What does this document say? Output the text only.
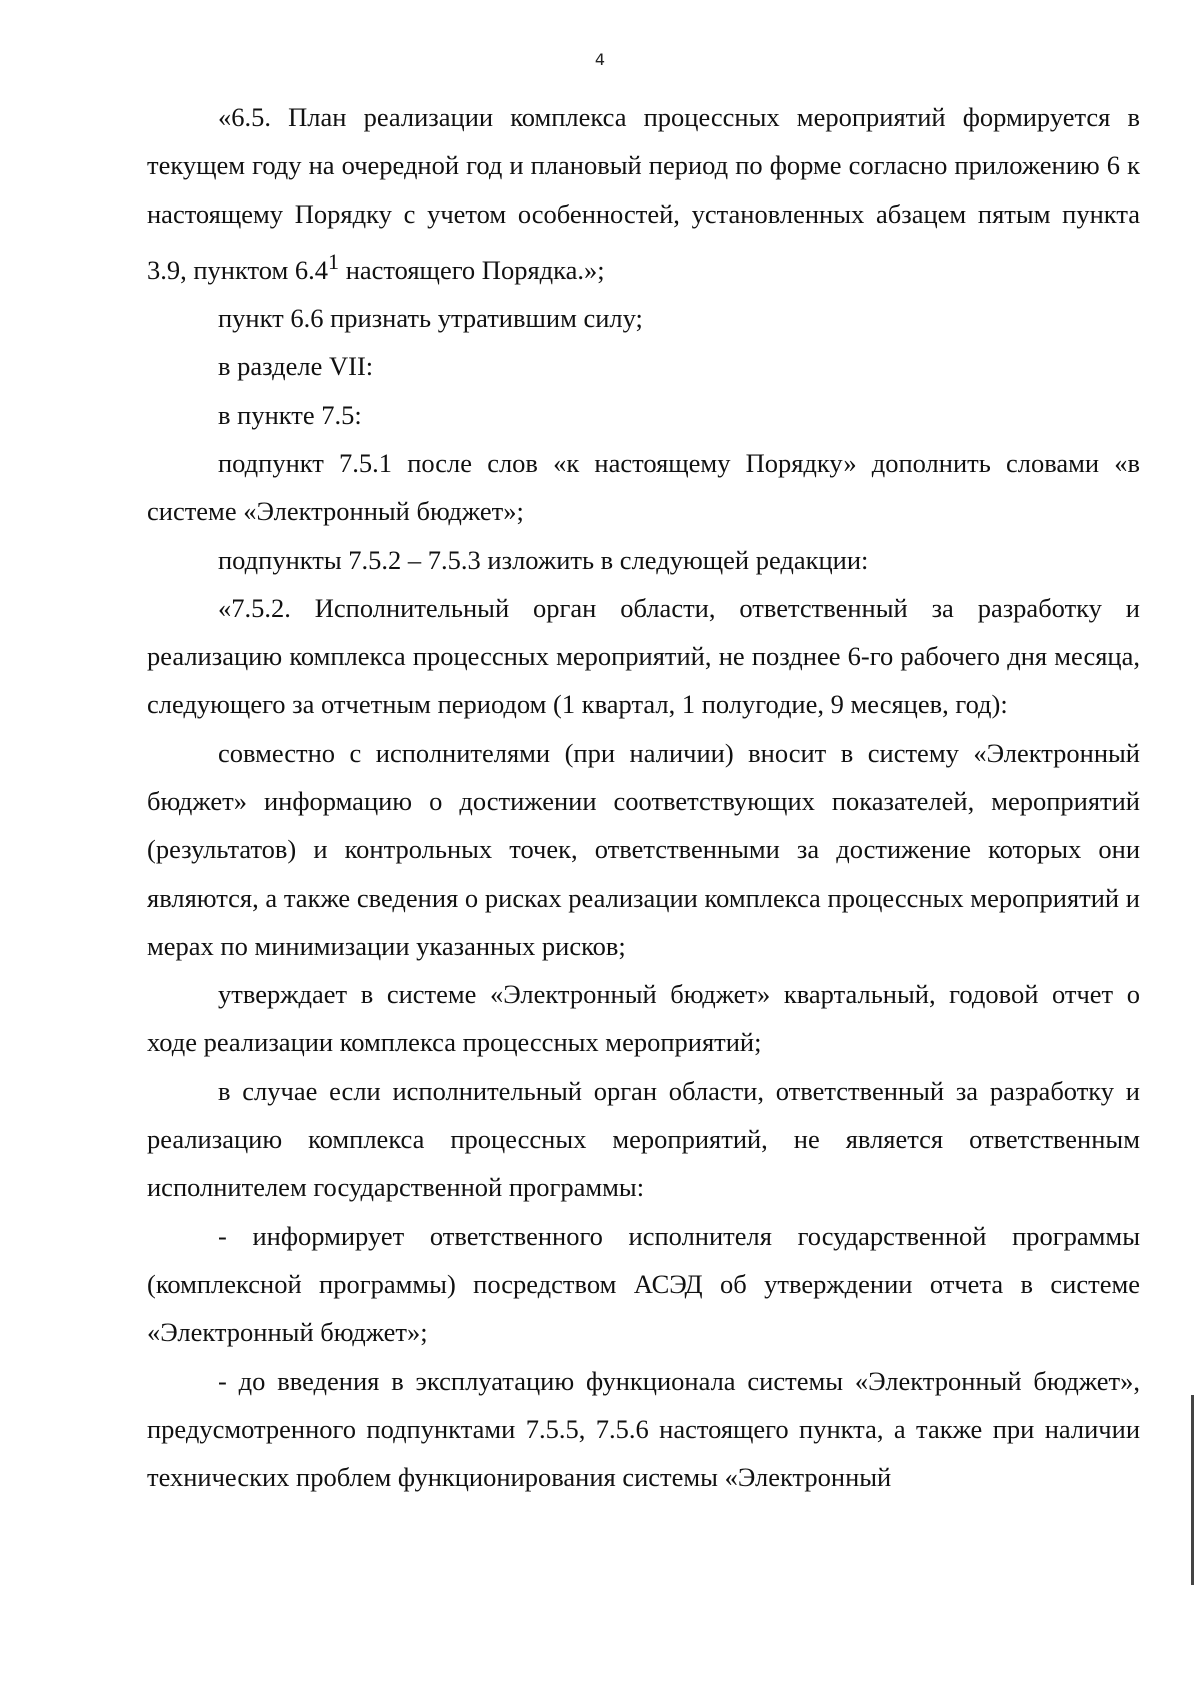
4

«6.5. План реализации комплекса процессных мероприятий формируется в текущем году на очередной год и плановый период по форме согласно приложению 6 к настоящему Порядку с учетом особенностей, установленных абзацем пятым пункта 3.9, пунктом $6.4^1$ настоящего Порядка.»;

пункт 6.6 признать утратившим силу;

в разделе VII:

в пункте 7.5:

подпункт 7.5.1 после слов «к настоящему Порядку» дополнить словами «в системе «Электронный бюджет»;

подпункты 7.5.2 – 7.5.3 изложить в следующей редакции:

«7.5.2. Исполнительный орган области, ответственный за разработку и реализацию комплекса процессных мероприятий, не позднее 6-го рабочего дня месяца, следующего за отчетным периодом (1 квартал, 1 полугодие, 9 месяцев, год):

совместно с исполнителями (при наличии) вносит в систему «Электронный бюджет» информацию о достижении соответствующих показателей, мероприятий (результатов) и контрольных точек, ответственными за достижение которых они являются, а также сведения о рисках реализации комплекса процессных мероприятий и мерах по минимизации указанных рисков;

утверждает в системе «Электронный бюджет» квартальный, годовой отчет о ходе реализации комплекса процессных мероприятий;

в случае если исполнительный орган области, ответственный за разработку и реализацию комплекса процессных мероприятий, не является ответственным исполнителем государственной программы:

- информирует ответственного исполнителя государственной программы (комплексной программы) посредством АСЭД об утверждении отчета в системе «Электронный бюджет»;

- до введения в эксплуатацию функционала системы «Электронный бюджет», предусмотренного подпунктами 7.5.5, 7.5.6 настоящего пункта, а также при наличии технических проблем функционирования системы «Электронный
